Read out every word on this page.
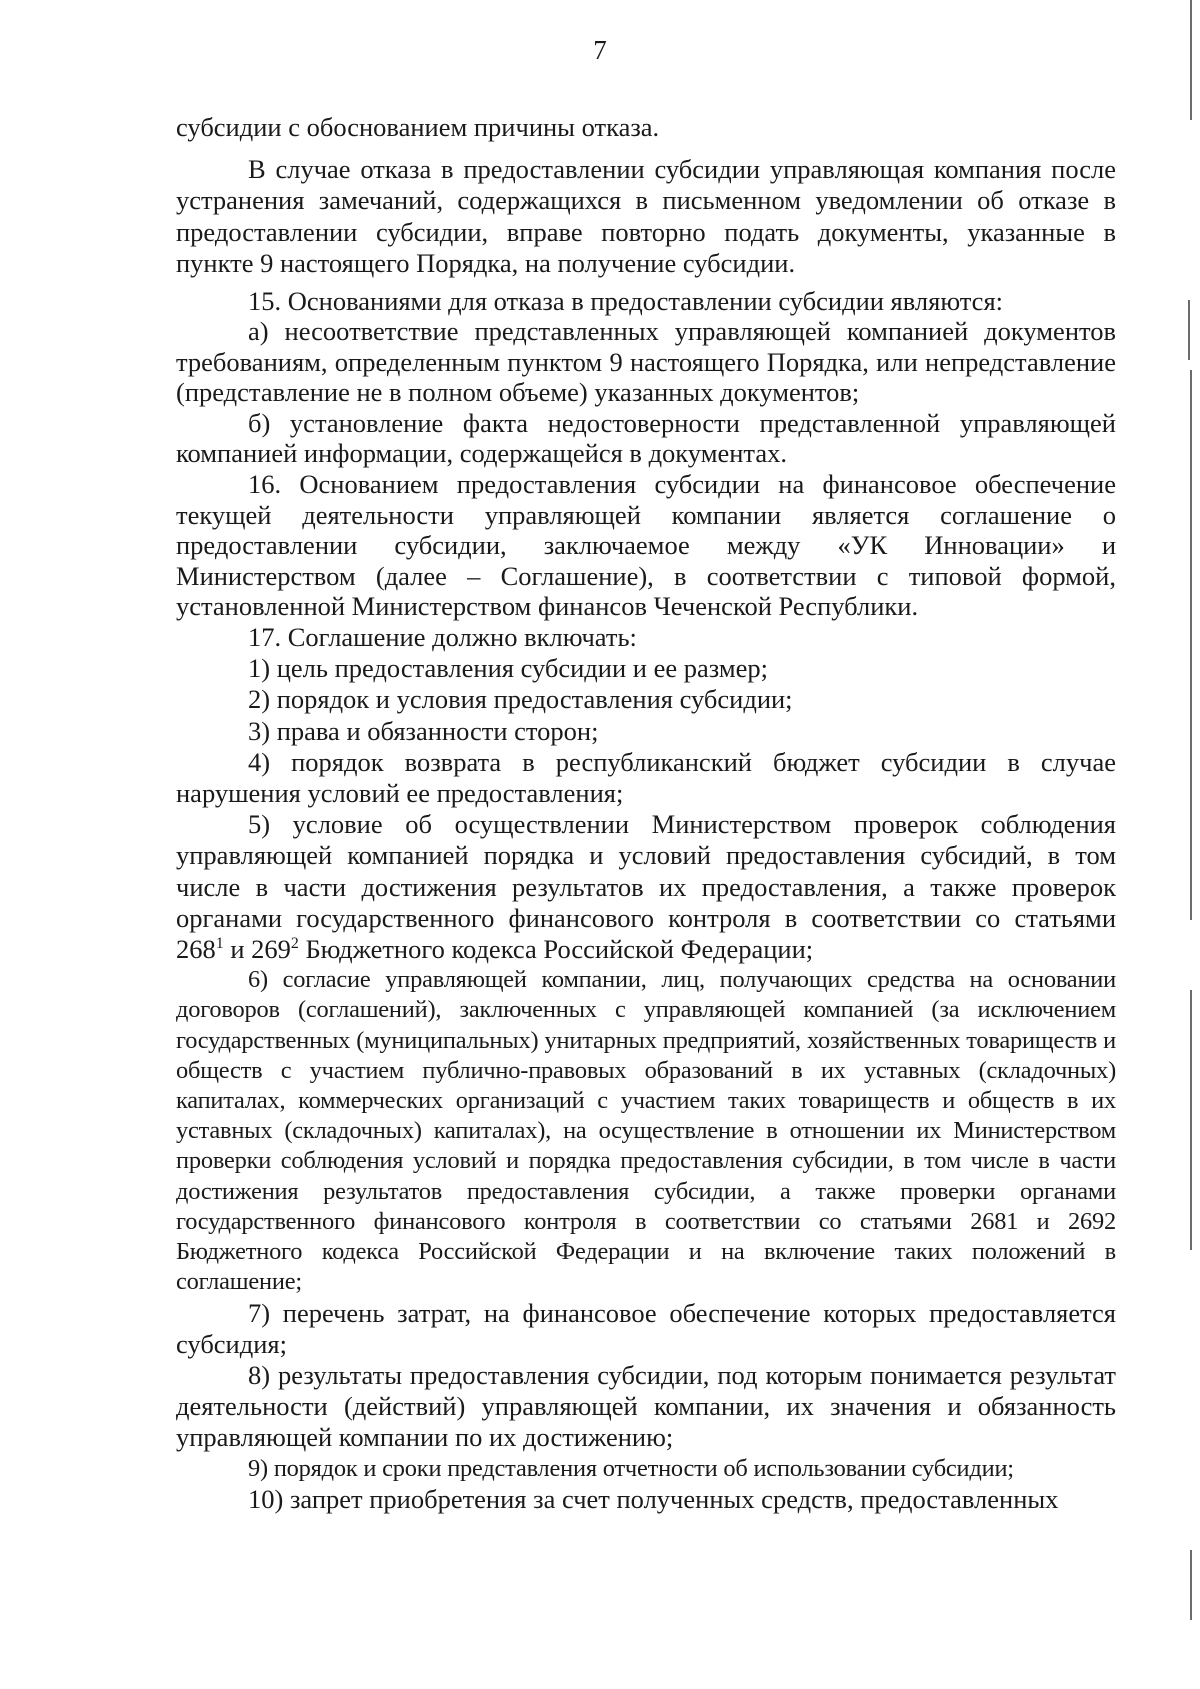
7

субсидии с обоснованием причины отказа.

В случае отказа в предоставлении субсидии управляющая компания после устранения замечаний, содержащихся в письменном уведомлении об отказе в предоставлении субсидии, вправе повторно подать документы, указанные в пункте 9 настоящего Порядка, на получение субсидии.

15. Основаниями для отказа в предоставлении субсидии являются:

а) несоответствие представленных управляющей компанией документов требованиям, определенным пунктом 9 настоящего Порядка, или непредставление (представление не в полном объеме) указанных документов;

б) установление факта недостоверности представленной управляющей компанией информации, содержащейся в документах.

16. Основанием предоставления субсидии на финансовое обеспечение текущей деятельности управляющей компании является соглашение о предоставлении субсидии, заключаемое между «УК Инновации» и Министерством (далее – Соглашение), в соответствии с типовой формой, установленной Министерством финансов Чеченской Республики.

17. Соглашение должно включать:

1) цель предоставления субсидии и ее размер;

2) порядок и условия предоставления субсидии;

3) права и обязанности сторон;

4) порядок возврата в республиканский бюджет субсидии в случае нарушения условий ее предоставления;

5) условие об осуществлении Министерством проверок соблюдения управляющей компанией порядка и условий предоставления субсидий, в том числе в части достижения результатов их предоставления, а также проверок органами государственного финансового контроля в соответствии со статьями $268^1$ и $269^2$ Бюджетного кодекса Российской Федерации;

6) согласие управляющей компании, лиц, получающих средства на основании договоров (соглашений), заключенных с управляющей компанией (за исключением государственных (муниципальных) унитарных предприятий, хозяйственных товариществ и обществ с участием публично-правовых образований в их уставных (складочных) капиталах, коммерческих организаций с участием таких товариществ и обществ в их уставных (складочных) капиталах), на осуществление в отношении их Министерством проверки соблюдения условий и порядка предоставления субсидии, в том числе в части достижения результатов предоставления субсидии, а также проверки органами государственного финансового контроля в соответствии со статьями 2681 и 2692 Бюджетного кодекса Российской Федерации и на включение таких положений в соглашение;

7) перечень затрат, на финансовое обеспечение которых предоставляется субсидия;

8) результаты предоставления субсидии, под которым понимается результат деятельности (действий) управляющей компании, их значения и обязанность управляющей компании по их достижению;

9) порядок и сроки представления отчетности об использовании субсидии;

10) запрет приобретения за счет полученных средств, предоставленных
